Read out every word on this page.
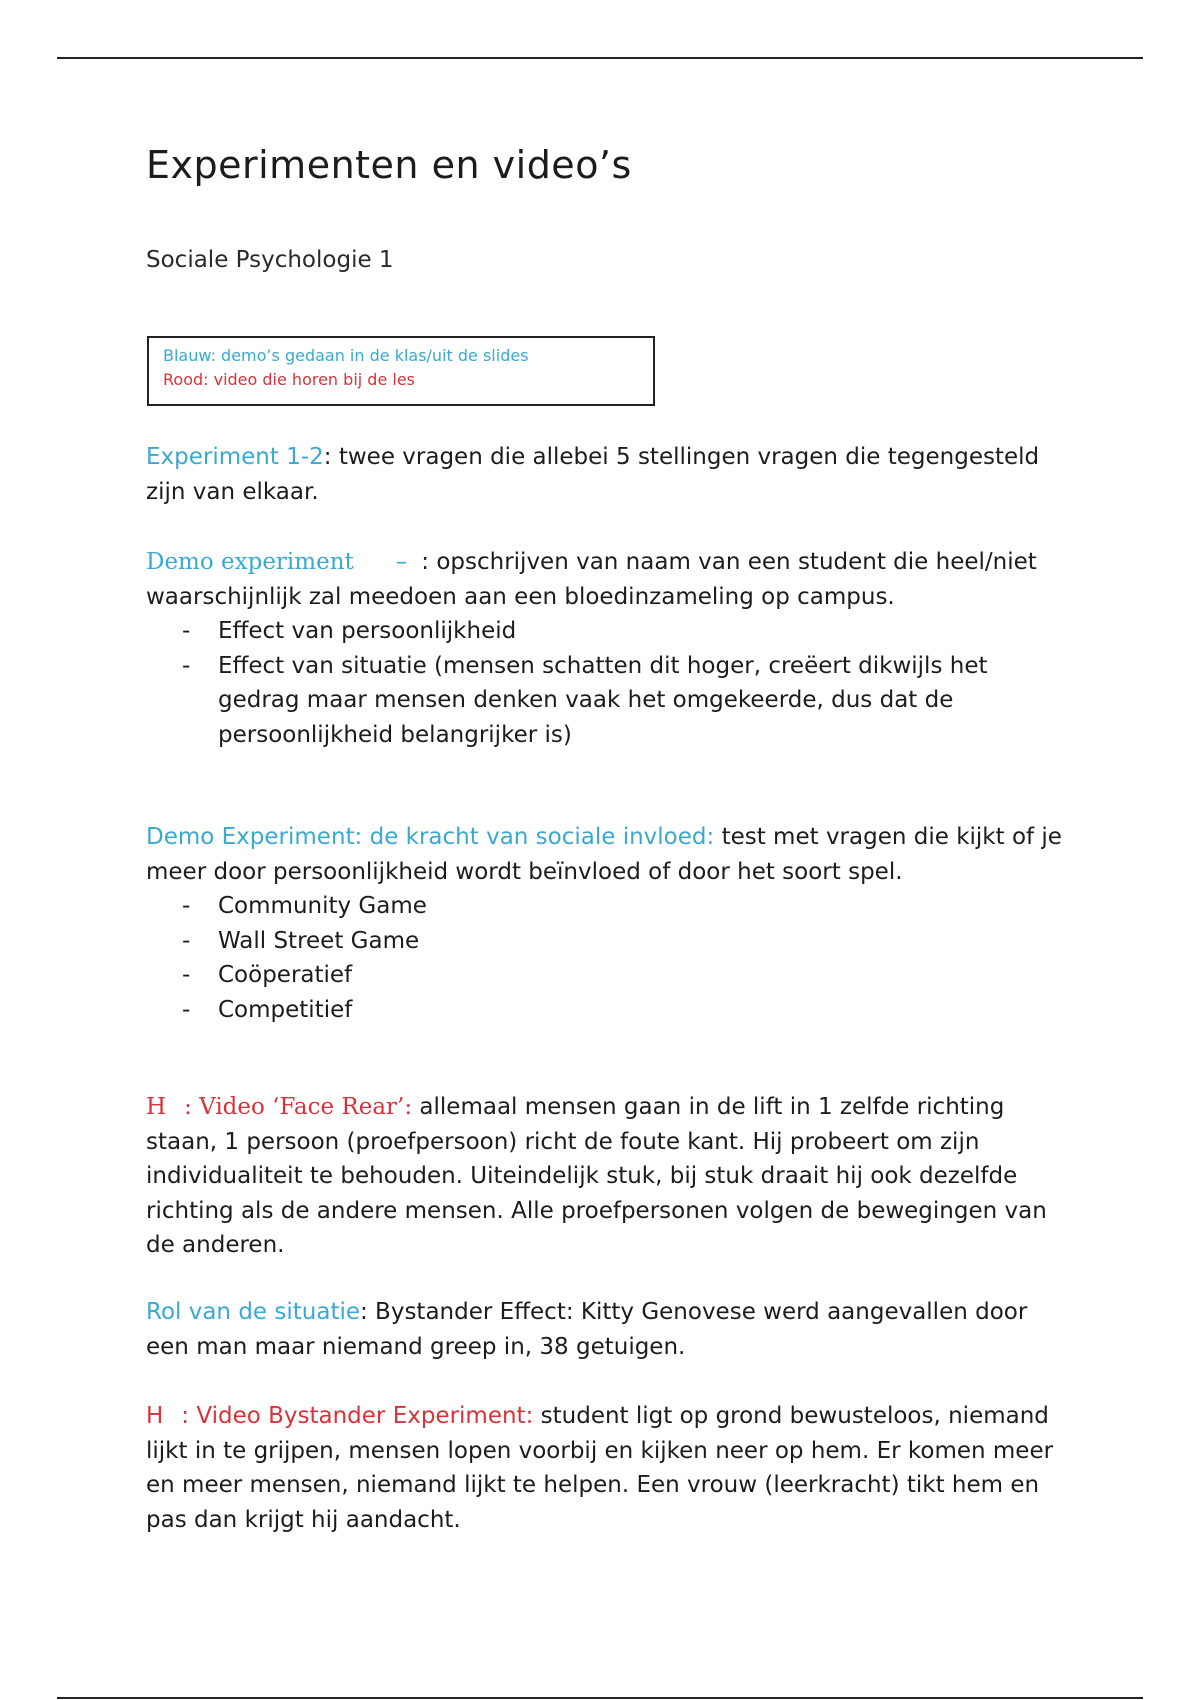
Experimenten en video’s
Sociale Psychologie 1
Blauw: demo’s gedaan in de klas/uit de slides
Rood: video die horen bij de les

Experiment 1-2: twee vragen die allebei 5 stellingen vragen die tegengesteld zijn van elkaar.

Demo experiment – : opschrijven van naam van een student die heel/niet waarschijnlijk zal meedoen aan een bloedinzameling op campus.

- Effect van persoonlijkheid
- Effect van situatie (mensen schatten dit hoger, creëert dikwijls het gedrag maar mensen denken vaak het omgekeerde, dus dat de persoonlijkheid belangrijker is)

Demo Experiment: de kracht van sociale invloed: test met vragen die kijkt of je meer door persoonlijkheid wordt beïnvloed of door het soort spel.

- Community Game
- Wall Street Game
- Coöperatief
- Competitief

H : Video ‘Face Rear’: allemaal mensen gaan in de lift in 1 zelfde richting staan, 1 persoon (proefpersoon) richt de foute kant. Hij probeert om zijn individualiteit te behouden. Uiteindelijk stuk, bij stuk draait hij ook dezelfde richting als de andere mensen. Alle proefpersonen volgen de bewegingen van de anderen.

Rol van de situatie: Bystander Effect: Kitty Genovese werd aangevallen door een man maar niemand greep in, 38 getuigen.

H : Video Bystander Experiment: student ligt op grond bewusteloos, niemand lijkt in te grijpen, mensen lopen voorbij en kijken neer op hem. Er komen meer en meer mensen, niemand lijkt te helpen. Een vrouw (leerkracht) tikt hem en pas dan krijgt hij aandacht.
